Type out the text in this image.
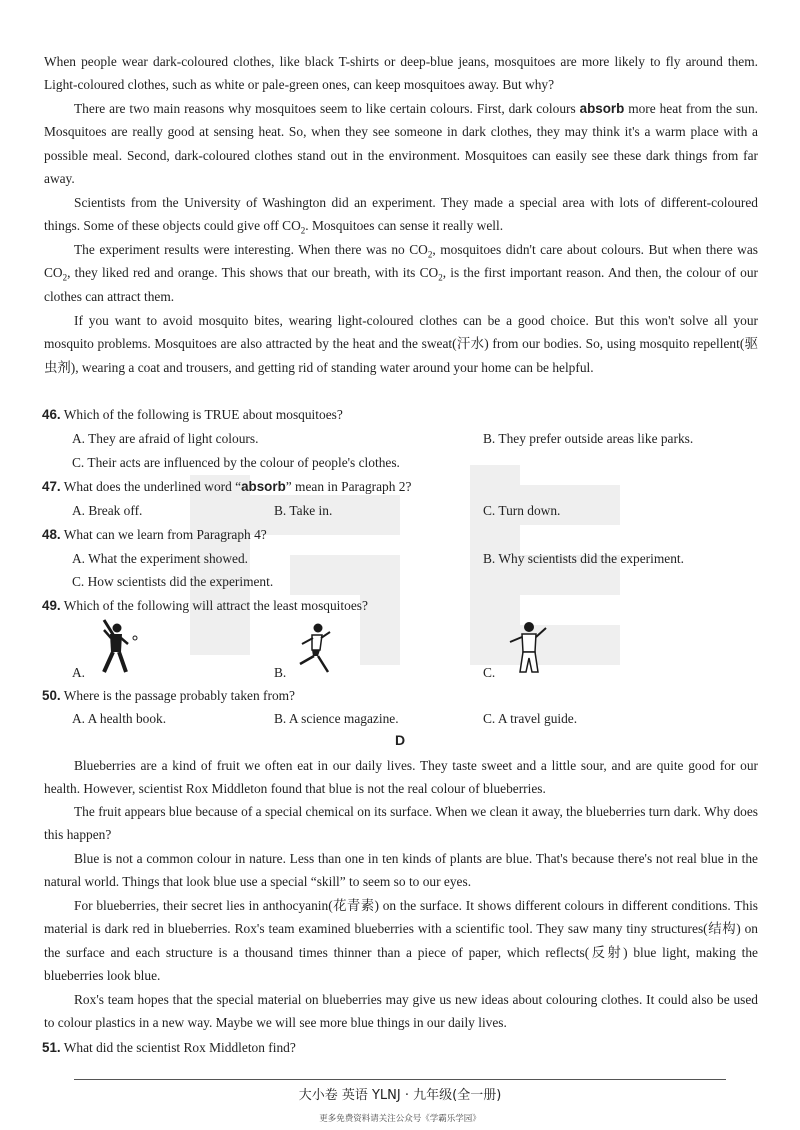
When people wear dark-coloured clothes, like black T-shirts or deep-blue jeans, mosquitoes are more likely to fly around them. Light-coloured clothes, such as white or pale-green ones, can keep mosquitoes away. But why?

There are two main reasons why mosquitoes seem to like certain colours. First, dark colours absorb more heat from the sun. Mosquitoes are really good at sensing heat. So, when they see someone in dark clothes, they may think it's a warm place with a possible meal. Second, dark-coloured clothes stand out in the environment. Mosquitoes can easily see these dark things from far away.

Scientists from the University of Washington did an experiment. They made a special area with lots of different-coloured things. Some of these objects could give off $CO_2$. Mosquitoes can sense it really well.

The experiment results were interesting. When there was no $CO_2$, mosquitoes didn't care about colours. But when there was $CO_2$, they liked red and orange. This shows that our breath, with its $CO_2$, is the first important reason. And then, the colour of our clothes can attract them.

If you want to avoid mosquito bites, wearing light-coloured clothes can be a good choice. But this won't solve all your mosquito problems. Mosquitoes are also attracted by the heat and the sweat(汗水) from our bodies. So, using mosquito repellent(驱虫剂), wearing a coat and trousers, and getting rid of standing water around your home can be helpful.

46. Which of the following is TRUE about mosquitoes?
A. They are afraid of light colours.	B. They prefer outside areas like parks.
C. Their acts are influenced by the colour of people's clothes.
47. What does the underlined word “absorb” mean in Paragraph 2?
A. Break off.	B. Take in.	C. Turn down.
48. What can we learn from Paragraph 4?
A. What the experiment showed.	B. Why scientists did the experiment.
C. How scientists did the experiment.
49. Which of the following will attract the least mosquitoes?
A.	B.	C.
50. Where is the passage probably taken from?
A. A health book.	B. A science magazine.	C. A travel guide.
D

Blueberries are a kind of fruit we often eat in our daily lives. They taste sweet and a little sour, and are quite good for our health. However, scientist Rox Middleton found that blue is not the real colour of blueberries.

The fruit appears blue because of a special chemical on its surface. When we clean it away, the blueberries turn dark. Why does this happen?

Blue is not a common colour in nature. Less than one in ten kinds of plants are blue. That's because there's not real blue in the natural world. Things that look blue use a special “skill” to seem so to our eyes.

For blueberries, their secret lies in anthocyanin(花青素) on the surface. It shows different colours in different conditions. This material is dark red in blueberries. Rox's team examined blueberries with a scientific tool. They saw many tiny structures(结构) on the surface and each structure is a thousand times thinner than a piece of paper, which reflects(反射) blue light, making the blueberries look blue.

Rox's team hopes that the special material on blueberries may give us new ideas about colouring clothes. It could also be used to colour plastics in a new way. Maybe we will see more blue things in our daily lives.

51. What did the scientist Rox Middleton find?
大小卷 英语 YLNJ · 九年级(全一册)
更多免费资料请关注公众号《学霸乐学园》
